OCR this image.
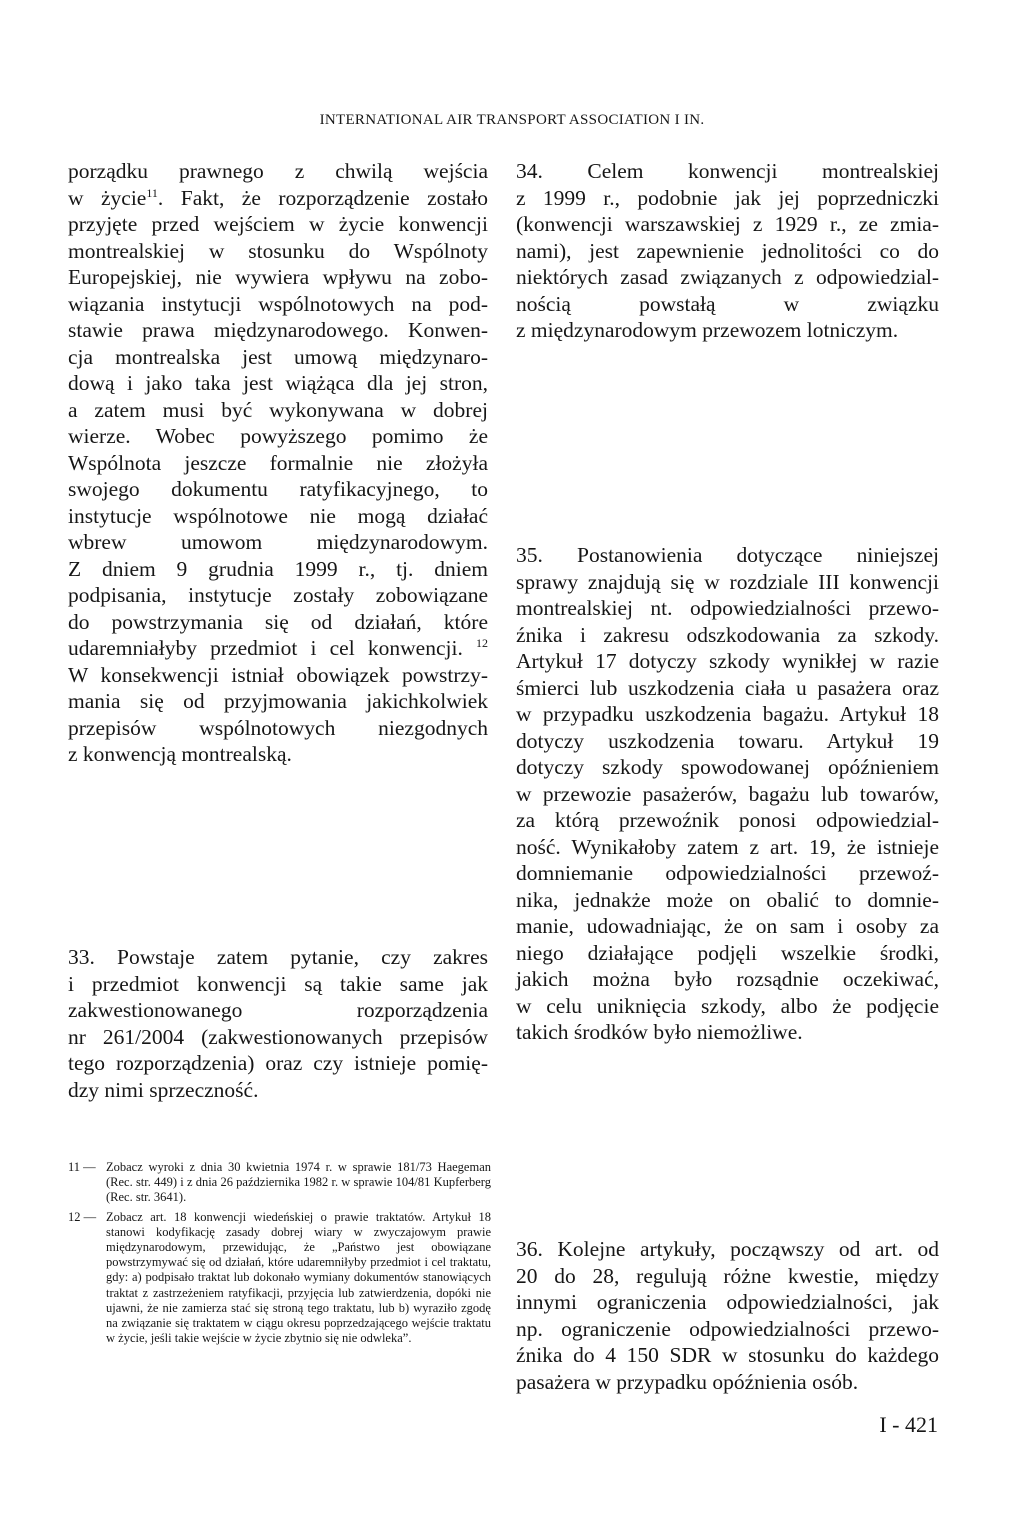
INTERNATIONAL AIR TRANSPORT ASSOCIATION I IN.

porządku prawnego z chwilą wejścia
w życie$^{11}$. Fakt, że rozporządzenie zostało
przyjęte przed wejściem w życie konwencji
montrealskiej w stosunku do Wspólnoty
Europejskiej, nie wywiera wpływu na zobo-
wiązania instytucji wspólnotowych na pod-
stawie prawa międzynarodowego. Konwen-
cja montrealska jest umową międzynaro-
dową i jako taka jest wiążąca dla jej stron,
a zatem musi być wykonywana w dobrej
wierze. Wobec powyższego pomimo że
Wspólnota jeszcze formalnie nie złożyła
swojego dokumentu ratyfikacyjnego, to
instytucje wspólnotowe nie mogą działać
wbrew umowom międzynarodowym.
Z dniem 9 grudnia 1999 r., tj. dniem
podpisania, instytucje zostały zobowiązane
do powstrzymania się od działań, które
udaremniałyby przedmiot i cel konwencji. $^{12}$
W konsekwencji istniał obowiązek powstrzy-
mania się od przyjmowania jakichkolwiek
przepisów wspólnotowych niezgodnych
z konwencją montrealską.

33. Powstaje zatem pytanie, czy zakres
i przedmiot konwencji są takie same jak
zakwestionowanego rozporządzenia
nr 261/2004 (zakwestionowanych przepisów
tego rozporządzenia) oraz czy istnieje pomię-
dzy nimi sprzeczność.

34. Celem konwencji montrealskiej
z 1999 r., podobnie jak jej poprzedniczki
(konwencji warszawskiej z 1929 r., ze zmia-
nami), jest zapewnienie jednolitości co do
niektórych zasad związanych z odpowiedzial-
nością powstałą w związku
z międzynarodowym przewozem lotniczym.

35. Postanowienia dotyczące niniejszej
sprawy znajdują się w rozdziale III konwencji
montrealskiej nt. odpowiedzialności przewo-
źnika i zakresu odszkodowania za szkody.
Artykuł 17 dotyczy szkody wynikłej w razie
śmierci lub uszkodzenia ciała u pasażera oraz
w przypadku uszkodzenia bagażu. Artykuł 18
dotyczy uszkodzenia towaru. Artykuł 19
dotyczy szkody spowodowanej opóźnieniem
w przewozie pasażerów, bagażu lub towarów,
za którą przewoźnik ponosi odpowiedzial-
ność. Wynikałoby zatem z art. 19, że istnieje
domniemanie odpowiedzialności przewoź-
nika, jednakże może on obalić to domnie-
manie, udowadniając, że on sam i osoby za
niego działające podjęli wszelkie środki,
jakich można było rozsądnie oczekiwać,
w celu uniknięcia szkody, albo że podjęcie
takich środków było niemożliwe.

36. Kolejne artykuły, począwszy od art. od
20 do 28, regulują różne kwestie, między
innymi ograniczenia odpowiedzialności, jak
np. ograniczenie odpowiedzialności przewo-
źnika do 4 150 SDR w stosunku do każdego
pasażera w przypadku opóźnienia osób.

11 — Zobacz wyroki z dnia 30 kwietnia 1974 r. w sprawie 181/73 Haegeman (Rec. str. 449) i z dnia 26 października 1982 r. w sprawie 104/81 Kupferberg (Rec. str. 3641).
12 — Zobacz art. 18 konwencji wiedeńskiej o prawie traktatów. Artykuł 18 stanowi kodyfikację zasady dobrej wiary w zwyczajowym prawie międzynarodowym, przewidując, że „Państwo jest obowiązane powstrzymywać się od działań, które udaremniłyby przedmiot i cel traktatu, gdy: a) podpisało traktat lub dokonało wymiany dokumentów stanowiących traktat z zastrzeżeniem ratyfikacji, przyjęcia lub zatwierdzenia, dopóki nie ujawni, że nie zamierza stać się stroną tego traktatu, lub b) wyraziło zgodę na związanie się traktatem w ciągu okresu poprzedzającego wejście traktatu w życie, jeśli takie wejście w życie zbytnio się nie odwleka”.
I - 421
